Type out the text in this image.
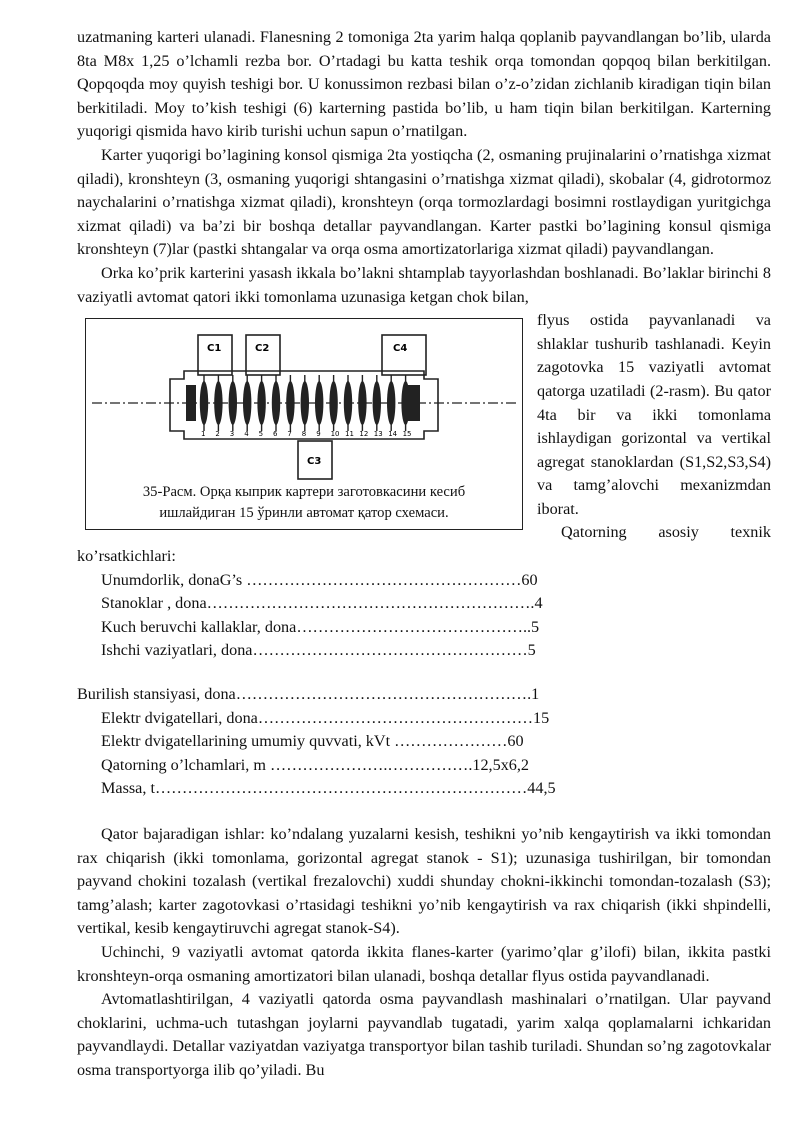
uzatmaning karteri ulanadi. Flanesning 2 tomoniga 2ta yarim halqa qoplanib payvandlangan bo’lib, ularda 8ta M8x 1,25 o’lchamli rezba bor. O’rtadagi bu katta teshik orqa tomondan qopqoq bilan berkitilgan. Qopqoqda moy quyish teshigi bor. U konussimon rezbasi bilan o’z-o’zidan zichlanib kiradigan tiqin bilan berkitiladi. Moy to’kish teshigi (6) karterning pastida bo’lib, u ham tiqin bilan berkitilgan. Karterning yuqorigi qismida havo kirib turishi uchun sapun o’rnatilgan.

Karter yuqorigi bo’lagining konsol qismiga 2ta yostiqcha (2, osmaning prujinalarini o’rnatishga xizmat qiladi), kronshteyn (3, osmaning yuqorigi shtangasini o’rnatishga xizmat qiladi), skobalar (4, gidrotormoz naychalarini o’rnatishga xizmat qiladi), kronshteyn (orqa tormozlardagi bosimni rostlaydigan yuritgichga xizmat qiladi) va ba’zi bir boshqa detallar payvandlangan. Karter pastki bo’lagining konsul qismiga kronshteyn (7)lar (pastki shtangalar va orqa osma amortizatorlariga xizmat qiladi) payvandlangan.

Orka ko’prik karterini yasash ikkala bo’lakni shtamplab tayyorlashdan boshlanadi. Bo’laklar birinchi 8 vaziyatli avtomat qatori ikki tomonlama uzunasiga ketgan chok bilan,

C1	C2	C4
C3
1 2 3 4 5 6 7 8 9 10 11 12 13 14 15
35-Расм. Орқа кыприк картери заготовкасини кесиб
ишлайдиган 15 ўринли автомат қатор схемаси.

flyus ostida payvanlanadi va shlaklar tushurib tashlanadi. Keyin zagotovka 15 vaziyatli avtomat qatorga uzatiladi (2-rasm). Bu qator 4ta bir va ikki tomonlama ishlaydigan gorizontal va vertikal agregat stanoklardan (S1,S2,S3,S4) va tamg’alovchi mexanizmdan iborat.

Qatorning asosiy texnik ko’rsatkichlari:

Unumdorlik, donaG’s ……………………………………………60
Stanoklar , dona…………………………………………………….4
Kuch beruvchi kallaklar, dona……………………………………..5
Ishchi vaziyatlari, dona……………………………………………5
Burilish stansiyasi, dona……………………………………………….1
Elektr dvigatellari, dona……………………………………………15
Elektr dvigatellarining umumiy quvvati, kVt …………………60
Qatorning o’lchamlari, m ………………….…………….12,5x6,2
Massa, t……………………………………………………………44,5

Qator bajaradigan ishlar: ko’ndalang yuzalarni kesish, teshikni yo’nib kengaytirish va ikki tomondan rax chiqarish (ikki tomonlama, gorizontal agregat stanok - S1); uzunasiga tushirilgan, bir tomondan payvand chokini tozalash (vertikal frezalovchi) xuddi shunday chokni-ikkinchi tomondan-tozalash (S3); tamg’alash; karter zagotovkasi o’rtasidagi teshikni yo’nib kengaytirish va rax chiqarish (ikki shpindelli, vertikal, kesib kengaytiruvchi agregat stanok-S4).

Uchinchi, 9 vaziyatli avtomat qatorda ikkita flanes-karter (yarimo’qlar g’ilofi) bilan, ikkita pastki kronshteyn-orqa osmaning amortizatori bilan ulanadi, boshqa detallar flyus ostida payvandlanadi.

Avtomatlashtirilgan, 4 vaziyatli qatorda osma payvandlash mashinalari o’rnatilgan. Ular payvand choklarini, uchma-uch tutashgan joylarni payvandlab tugatadi, yarim xalqa qoplamalarni ichkaridan payvandlaydi. Detallar vaziyatdan vaziyatga transportyor bilan tashib turiladi. Shundan so’ng zagotovkalar osma transportyorga ilib qo’yiladi. Bu
